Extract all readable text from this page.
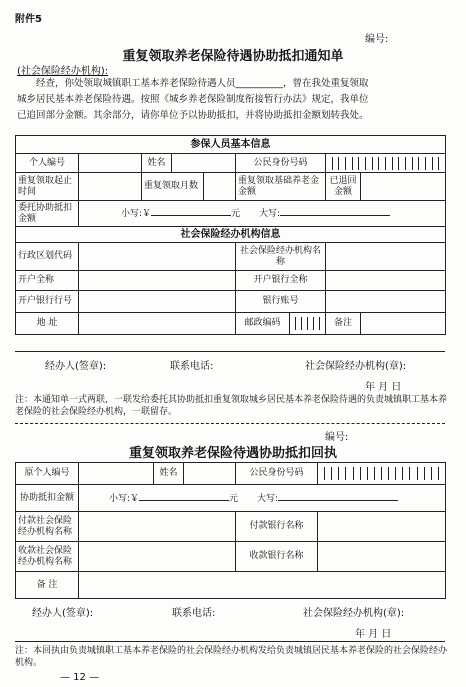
附件5
编号:
重复领取养老保险待遇协助抵扣通知单
(社会保险经办机构):
经查，你处领取城镇职工基本养老保险待遇人员__________，曾在我处重复领取
城乡居民基本养老保险待遇。按照《城乡养老保险制度衔接暂行办法》规定，我单位
已追回部分金额。其余部分，请你单位予以协助抵扣，并将协助抵扣金额划转我处。
参保人员基本信息								
个人编号		姓名			公民身份号码			

重复领取起止时间		重复领取月数			重复领取基础养老金金额		已退回金额	
委托协助抵扣金额	小写:￥ 元 大写:							
社会保险经办机构信息								
行政区划代码					社会保险经办机构名称			
开户全称					开户银行全称			
开户银行行号					银行账号			
地 址					邮政编码		备注	
经办人(签章):	联系电话:	社会保险经办机构(章):
年 月 日
注：本通知单一式两联，一联发给委托其协助抵扣重复领取城乡居民基本养老保险待遇的负责城镇职工基本养老保险的社会保险经办机构，一联留存。
编号:
重复领取养老保险待遇协助抵扣回执
原个人编号		姓名		公民身份号码	

协助抵扣金额	小写:￥ 元 大写:				
付款社会保险经办机构名称				付款银行名称	
收款社会保险经办机构名称				收款银行名称	
备 注					
经办人(签章):	联系电话:	社会保险经办机构(章):
年 月 日
注：本回执由负责城镇职工基本养老保险的社会保险经办机构发给负责城镇居民基本养老保险的社会保险经办机构。
— 12 —
